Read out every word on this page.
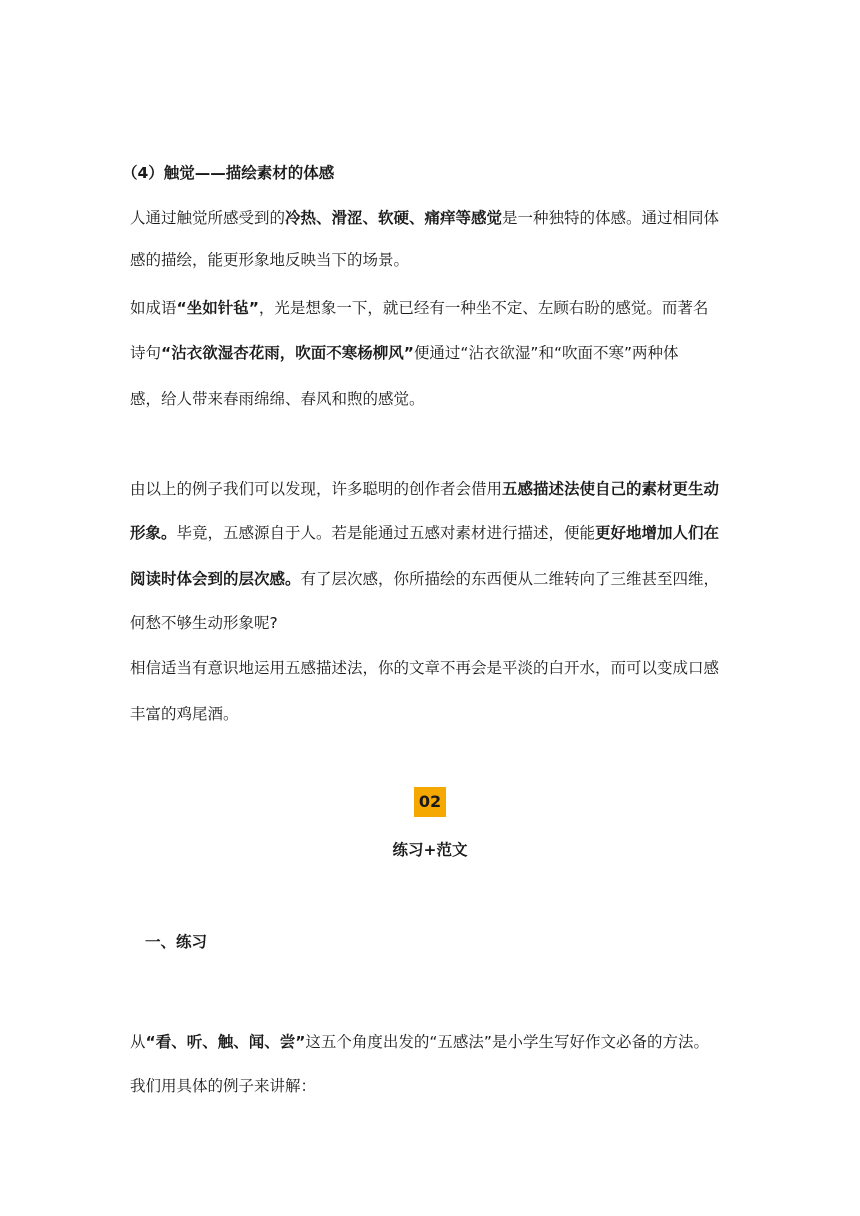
（4）触觉——描绘素材的体感
人通过触觉所感受到的冷热、滑涩、软硬、痛痒等感觉是一种独特的体感。通过相同体
感的描绘，能更形象地反映当下的场景。
如成语“坐如针毡”，光是想象一下，就已经有一种坐不定、左顾右盼的感觉。而著名
诗句“沾衣欲湿杏花雨，吹面不寒杨柳风”便通过“沾衣欲湿”和“吹面不寒”两种体
感，给人带来春雨绵绵、春风和煦的感觉。
由以上的例子我们可以发现，许多聪明的创作者会借用五感描述法使自己的素材更生动
形象。毕竟，五感源自于人。若是能通过五感对素材进行描述，便能更好地增加人们在
阅读时体会到的层次感。有了层次感，你所描绘的东西便从二维转向了三维甚至四维，
何愁不够生动形象呢?
相信适当有意识地运用五感描述法，你的文章不再会是平淡的白开水，而可以变成口感
丰富的鸡尾酒。
02
练习+范文
一、练习
从“看、听、触、闻、尝”这五个角度出发的“五感法”是小学生写好作文必备的方法。
我们用具体的例子来讲解：
